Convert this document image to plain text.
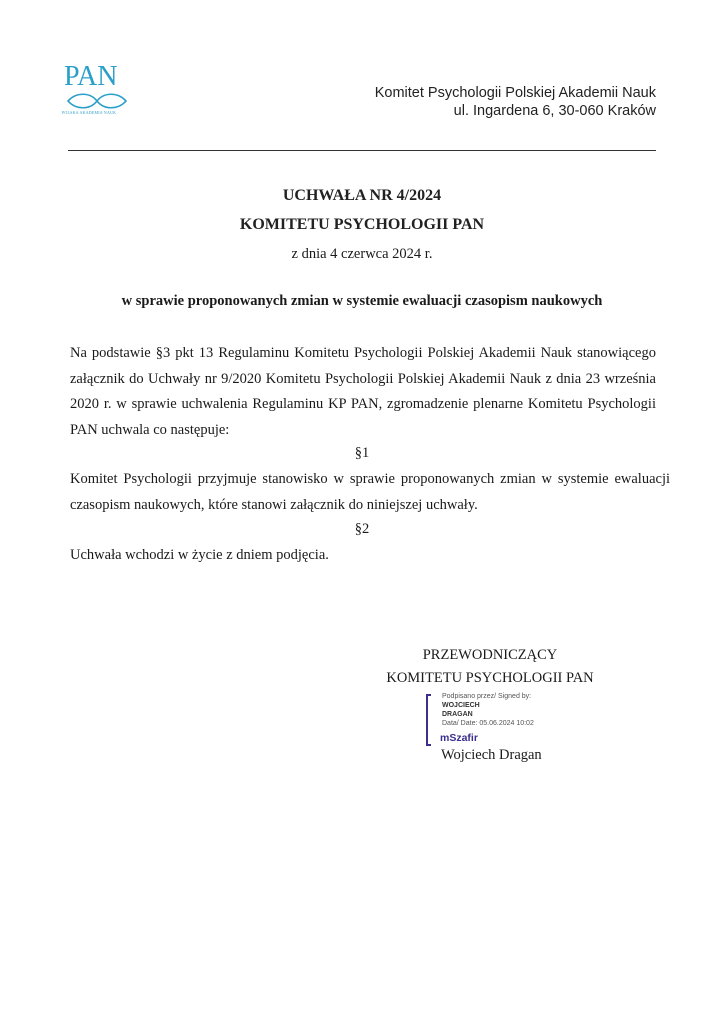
PAN
POLSKA AKADEMIA NAUK
Komitet Psychologii Polskiej Akademii Nauk
ul. Ingardena 6, 30-060 Kraków
UCHWAŁA NR 4/2024
KOMITETU PSYCHOLOGII PAN
z dnia 4 czerwca 2024 r.
w sprawie proponowanych zmian w systemie ewaluacji czasopism naukowych
Na podstawie §3 pkt 13 Regulaminu Komitetu Psychologii Polskiej Akademii Nauk stanowiącego załącznik do Uchwały nr 9/2020 Komitetu Psychologii Polskiej Akademii Nauk z dnia 23 września 2020 r. w sprawie uchwalenia Regulaminu KP PAN, zgromadzenie plenarne Komitetu Psychologii PAN uchwala co następuje:
§1
Komitet Psychologii przyjmuje stanowisko w sprawie proponowanych zmian w systemie ewaluacji czasopism naukowych, które stanowi załącznik do niniejszej uchwały.
§2
Uchwała wchodzi w życie z dniem podjęcia.
PRZEWODNICZĄCY
KOMITETU PSYCHOLOGII PAN
Podpisano przez/ Signed by:
WOJCIECH
DRAGAN
Data/ Date: 05.06.2024 10:02
mSzafir
Wojciech Dragan
